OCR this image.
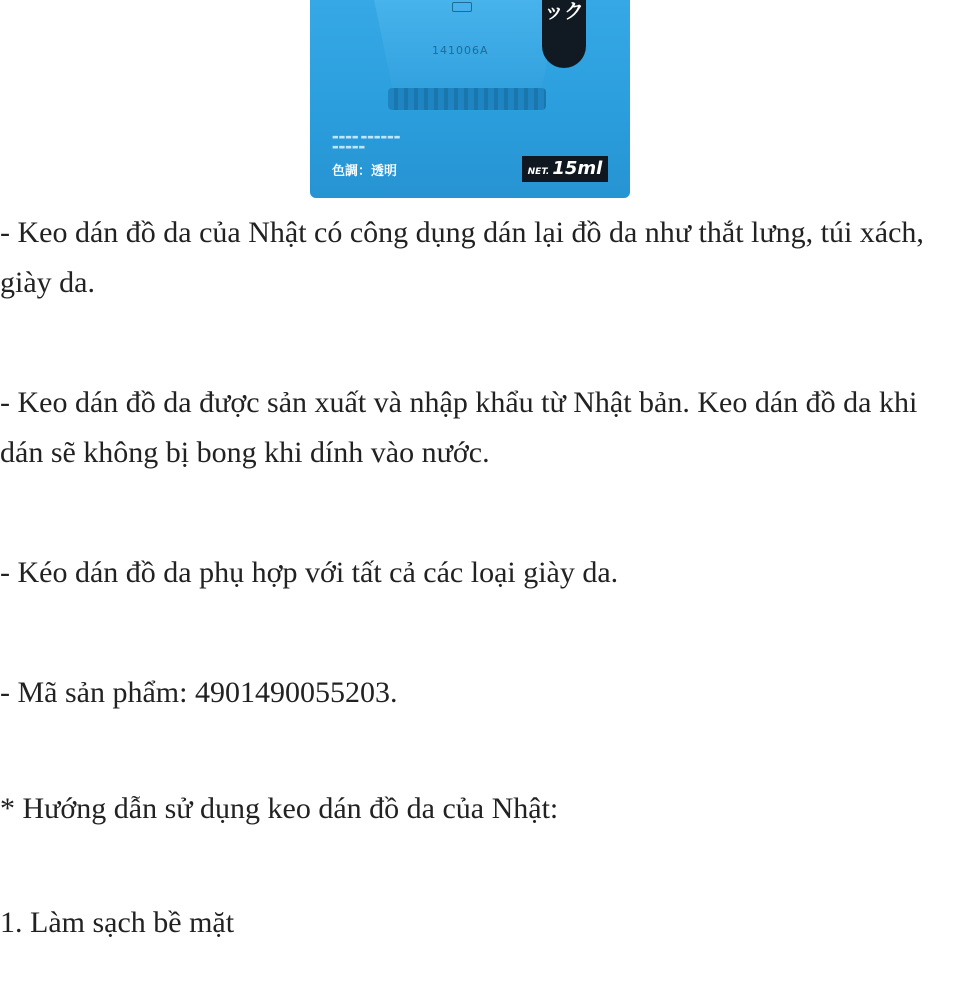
141006A
ック
▬▬▬▬ ▬▬▬▬▬▬
▬▬▬▬▬
色調：透明	NET. 15ml

- Keo dán đồ da của Nhật có công dụng dán lại đồ da như thắt lưng, túi xách, giày da.

- Keo dán đồ da được sản xuất và nhập khẩu từ Nhật bản. Keo dán đồ da khi dán sẽ không bị bong khi dính vào nước.

- Kéo dán đồ da phụ hợp với tất cả các loại giày da.

- Mã sản phẩm: 4901490055203.

* Hướng dẫn sử dụng keo dán đồ da của Nhật:

1. Làm sạch bề mặt
